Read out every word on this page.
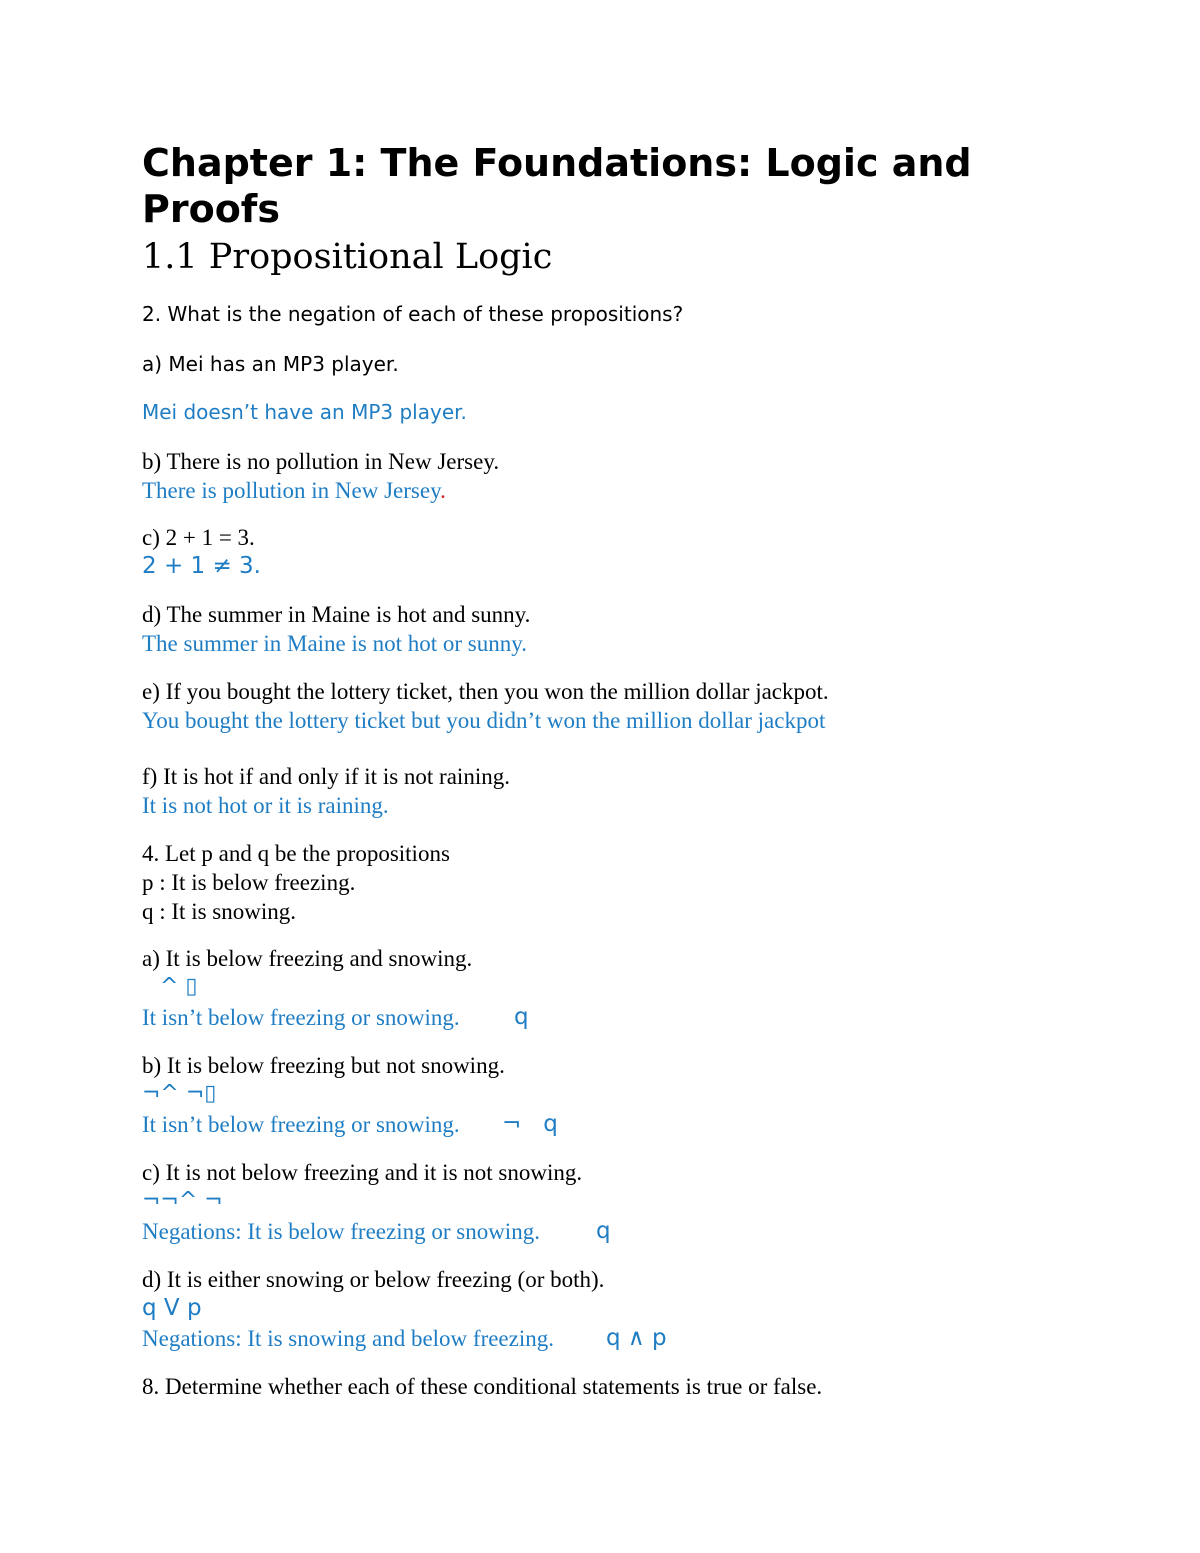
Chapter 1: The Foundations: Logic and
Proofs
1.1 Propositional Logic
2. What is the negation of each of these propositions?
a) Mei has an MP3 player.
Mei doesn’t have an MP3 player.
b) There is no pollution in New Jersey.
There is pollution in New Jersey.
c) 2 + 1 = 3.
2 + 1 ≠ 3.
d) The summer in Maine is hot and sunny.
The summer in Maine is not hot or sunny.
e) If you bought the lottery ticket, then you won the million dollar jackpot.
You bought the lottery ticket but you didn’t won the million dollar jackpot
f) It is hot if and only if it is not raining.
It is not hot or it is raining.
4. Let p and q be the propositions
p : It is below freezing.
q : It is snowing.
a) It is below freezing and snowing.
^ ▯
It isn’t below freezing or snowing. q
b) It is below freezing but not snowing.
¬^ ¬▯
It isn’t below freezing or snowing. ¬   q
c) It is not below freezing and it is not snowing.
¬¬^ ¬
Negations: It is below freezing or snowing. q
d) It is either snowing or below freezing (or both).
q V p
Negations: It is snowing and below freezing. q ∧ p
8. Determine whether each of these conditional statements is true or false.
